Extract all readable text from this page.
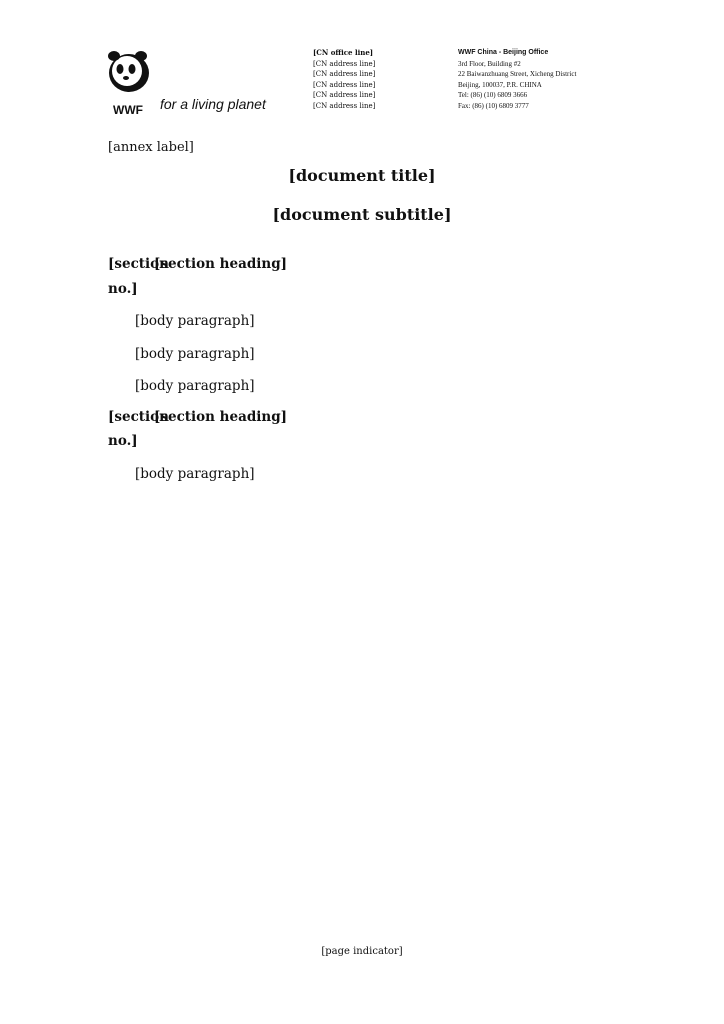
WWF for a living planet
[CN office line]
[CN address line]
[CN address line]
[CN address line]
[CN address line]
[CN address line]
WWF China - Beijing Office
3rd Floor, Building #2
22 Baiwanzhuang Street, Xicheng District
Beijing, 100037, P.R. CHINA
Tel: (86) (10) 6809 3666
Fax: (86) (10) 6809 3777
[annex label]
[document title]
[document subtitle]
[section no.]
[section heading]

[body paragraph]

[body paragraph]

[body paragraph]

[section no.]
[section heading]

[body paragraph]

[page indicator]
